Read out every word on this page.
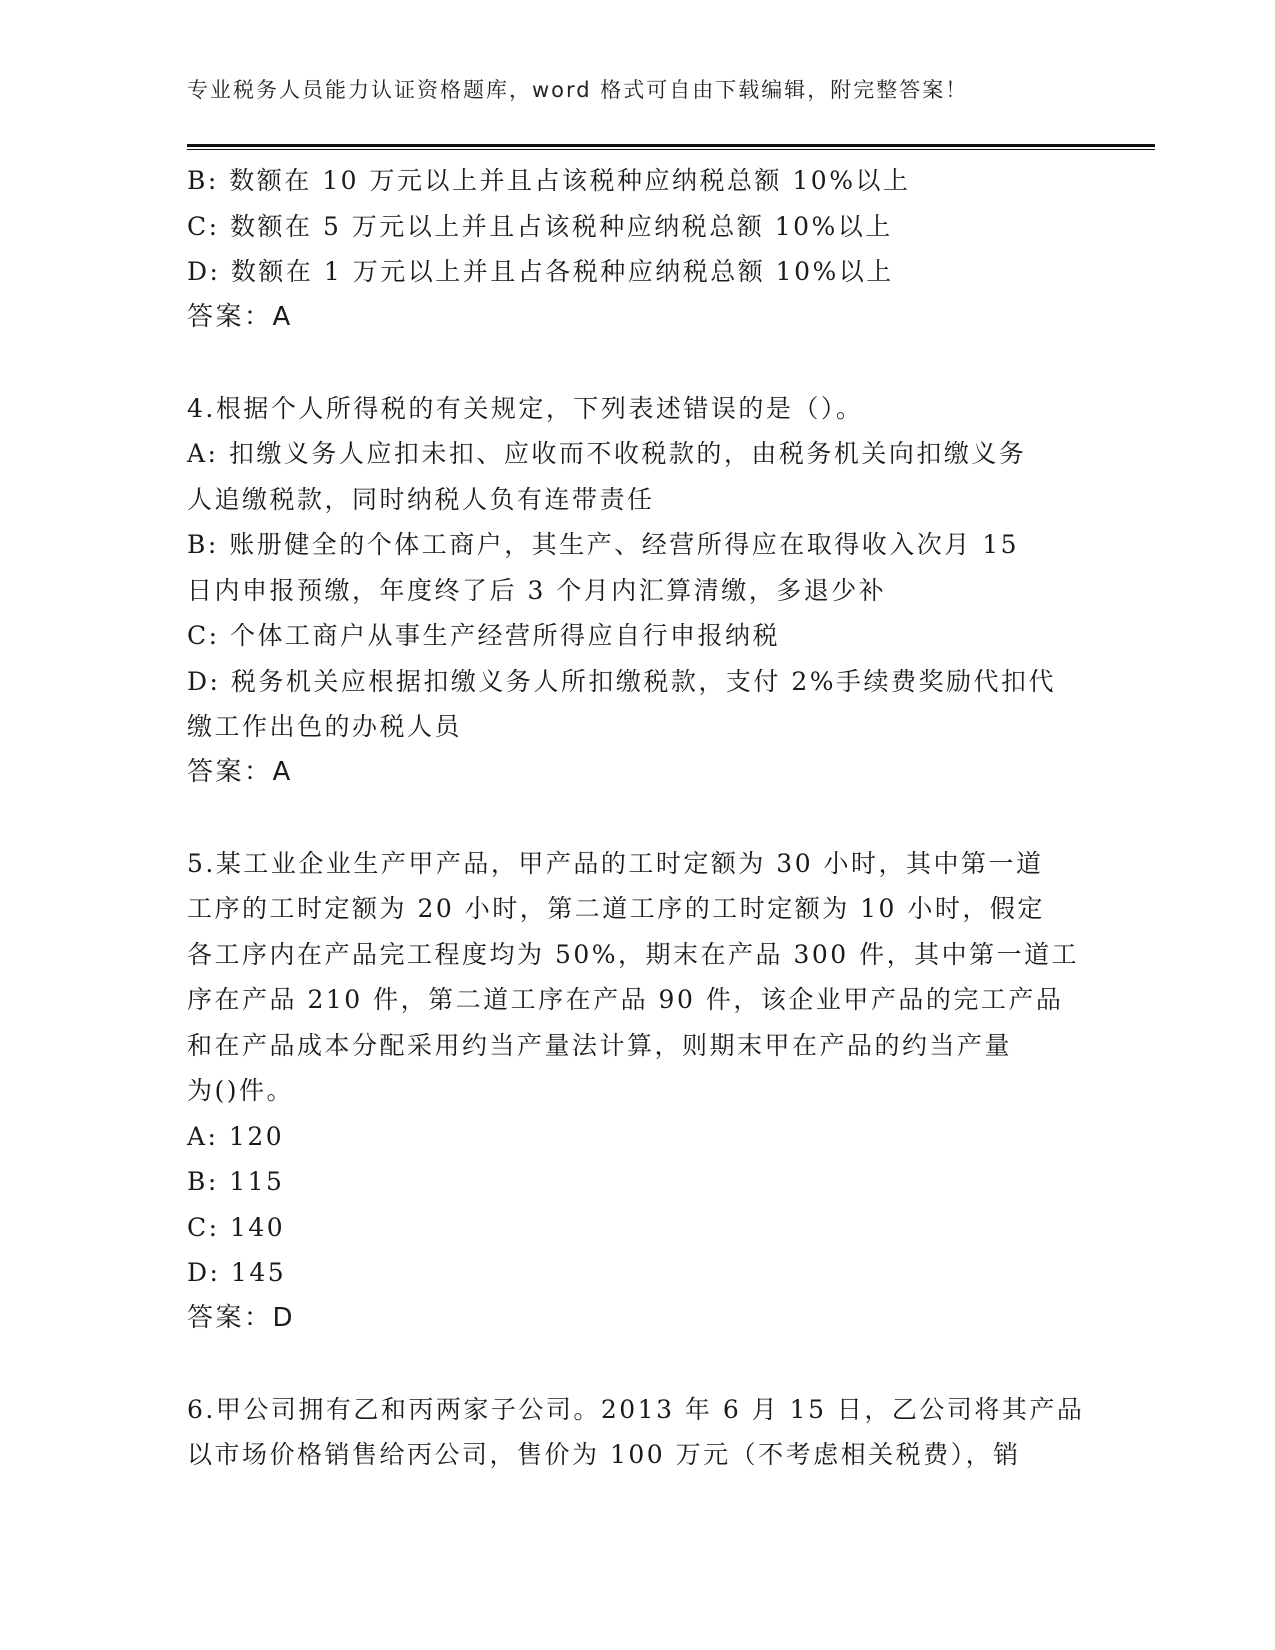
专业税务人员能力认证资格题库，word 格式可自由下载编辑，附完整答案！
B: 数额在 10 万元以上并且占该税种应纳税总额 10%以上
C: 数额在 5 万元以上并且占该税种应纳税总额 10%以上
D: 数额在 1 万元以上并且占各税种应纳税总额 10%以上
答案：A
4.根据个人所得税的有关规定，下列表述错误的是（）。
A: 扣缴义务人应扣未扣、应收而不收税款的，由税务机关向扣缴义务
人追缴税款，同时纳税人负有连带责任
B: 账册健全的个体工商户，其生产、经营所得应在取得收入次月 15
日内申报预缴，年度终了后 3 个月内汇算清缴，多退少补
C: 个体工商户从事生产经营所得应自行申报纳税
D: 税务机关应根据扣缴义务人所扣缴税款，支付 2%手续费奖励代扣代
缴工作出色的办税人员
答案：A
5.某工业企业生产甲产品，甲产品的工时定额为 30 小时，其中第一道
工序的工时定额为 20 小时，第二道工序的工时定额为 10 小时，假定
各工序内在产品完工程度均为 50%，期末在产品 300 件，其中第一道工
序在产品 210 件，第二道工序在产品 90 件，该企业甲产品的完工产品
和在产品成本分配采用约当产量法计算，则期末甲在产品的约当产量
为()件。
A: 120
B: 115
C: 140
D: 145
答案：D
6.甲公司拥有乙和丙两家子公司。2013 年 6 月 15 日，乙公司将其产品
以市场价格销售给丙公司，售价为 100 万元（不考虑相关税费），销
